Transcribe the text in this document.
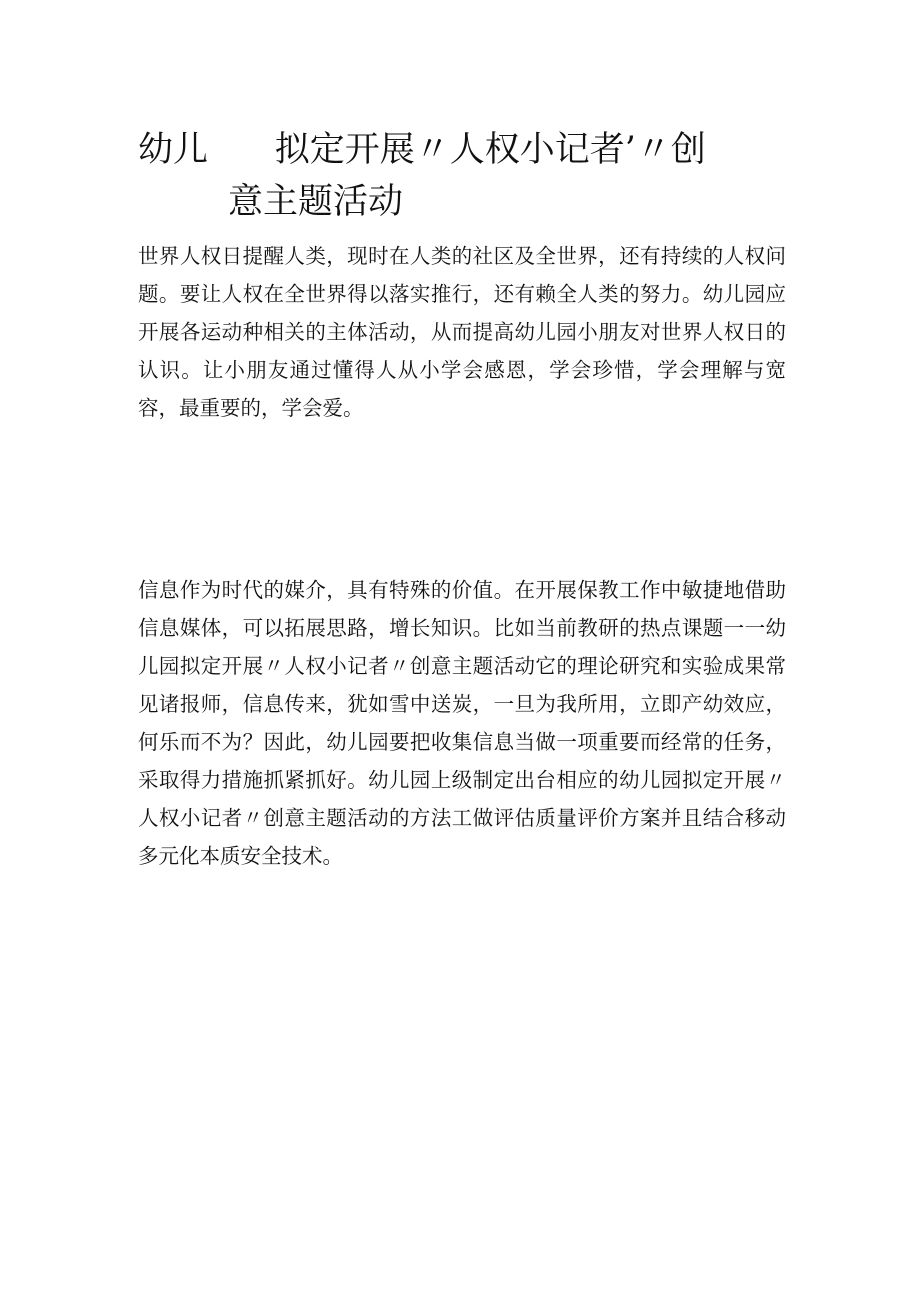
幼儿      拟定开展〃人权小记者’〃创
意主题活动

世界人权日提醒人类，现时在人类的社区及全世界，还有持续的人权问题。要让人权在全世界得以落实推行，还有赖全人类的努力。幼儿园应开展各运动种相关的主体活动，从而提高幼儿园小朋友对世界人权日的认识。让小朋友通过懂得人从小学会感恩，学会珍惜，学会理解与宽容，最重要的，学会爱。

信息作为时代的媒介，具有特殊的价值。在开展保教工作中敏捷地借助信息媒体，可以拓展思路，增长知识。比如当前教研的热点课题一一幼儿园拟定开展〃人权小记者〃创意主题活动它的理论研究和实验成果常见诸报师，信息传来，犹如雪中送炭，一旦为我所用，立即产幼效应，何乐而不为？因此，幼儿园要把收集信息当做一项重要而经常的任务，采取得力措施抓紧抓好。幼儿园上级制定出台相应的幼儿园拟定开展〃人权小记者〃创意主题活动的方法工做评估质量评价方案并且结合移动多元化本质安全技术。
